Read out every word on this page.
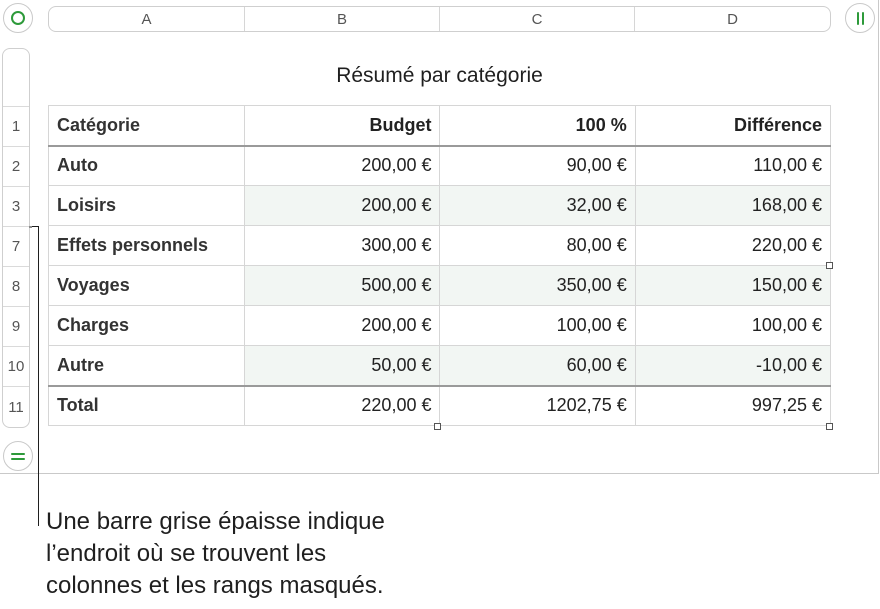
A	B	C	D
1
2
3
7
8
9
10
11
Résumé par catégorie
Catégorie	Budget	100 %	Différence
Auto	200,00 €	90,00 €	110,00 €
Loisirs	200,00 €	32,00 €	168,00 €
Effets personnels	300,00 €	80,00 €	220,00 €
Voyages	500,00 €	350,00 €	150,00 €
Charges	200,00 €	100,00 €	100,00 €
Autre	50,00 €	60,00 €	-10,00 €
Total	220,00 €	1202,75 €	997,25 €
Une barre grise épaisse indique
l’endroit où se trouvent les
colonnes et les rangs masqués.
